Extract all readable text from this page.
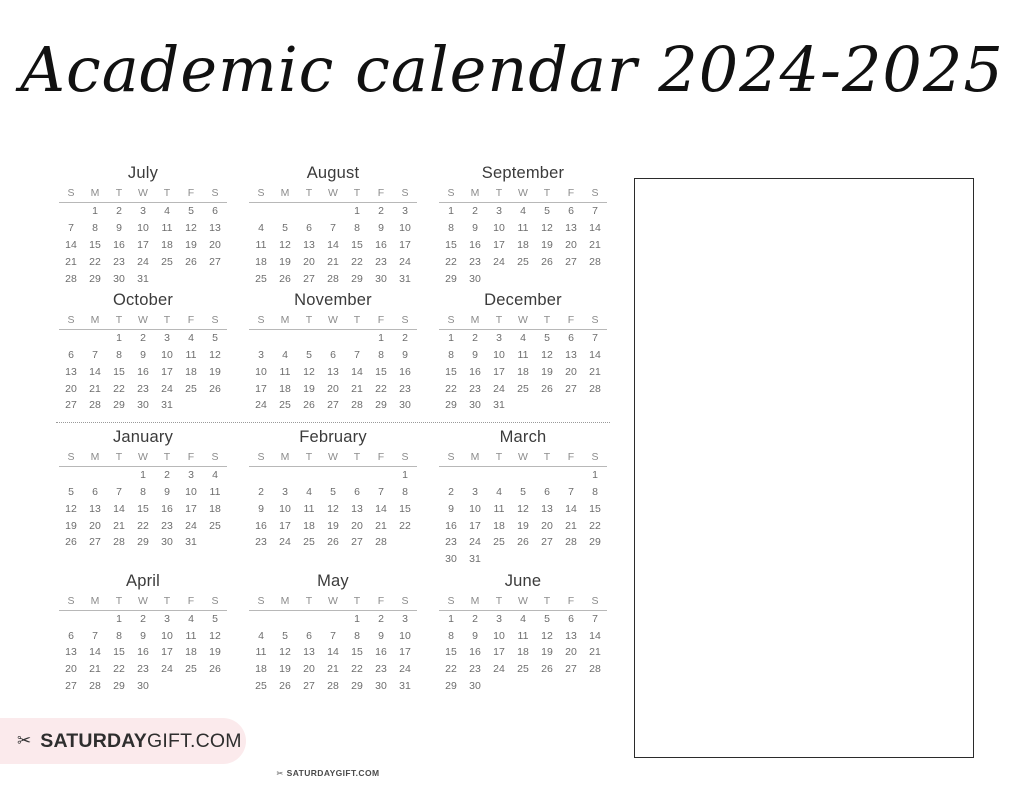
Academic calendar 2024-2025
July
S	M	T	W	T	F	S
	1	2	3	4	5	6
7	8	9	10	11	12	13
14	15	16	17	18	19	20
21	22	23	24	25	26	27
28	29	30	31			
August
S	M	T	W	T	F	S
				1	2	3
4	5	6	7	8	9	10
11	12	13	14	15	16	17
18	19	20	21	22	23	24
25	26	27	28	29	30	31
September
S	M	T	W	T	F	S
1	2	3	4	5	6	7
8	9	10	11	12	13	14
15	16	17	18	19	20	21
22	23	24	25	26	27	28
29	30					
October
S	M	T	W	T	F	S
		1	2	3	4	5
6	7	8	9	10	11	12
13	14	15	16	17	18	19
20	21	22	23	24	25	26
27	28	29	30	31		
November
S	M	T	W	T	F	S
					1	2
3	4	5	6	7	8	9
10	11	12	13	14	15	16
17	18	19	20	21	22	23
24	25	26	27	28	29	30
December
S	M	T	W	T	F	S
1	2	3	4	5	6	7
8	9	10	11	12	13	14
15	16	17	18	19	20	21
22	23	24	25	26	27	28
29	30	31				
January
S	M	T	W	T	F	S
			1	2	3	4
5	6	7	8	9	10	11
12	13	14	15	16	17	18
19	20	21	22	23	24	25
26	27	28	29	30	31	
February
S	M	T	W	T	F	S
						1
2	3	4	5	6	7	8
9	10	11	12	13	14	15
16	17	18	19	20	21	22
23	24	25	26	27	28	
March
S	M	T	W	T	F	S
						1
2	3	4	5	6	7	8
9	10	11	12	13	14	15
16	17	18	19	20	21	22
23	24	25	26	27	28	29
30	31					
April
S	M	T	W	T	F	S
		1	2	3	4	5
6	7	8	9	10	11	12
13	14	15	16	17	18	19
20	21	22	23	24	25	26
27	28	29	30			
May
S	M	T	W	T	F	S
				1	2	3
4	5	6	7	8	9	10
11	12	13	14	15	16	17
18	19	20	21	22	23	24
25	26	27	28	29	30	31
June
S	M	T	W	T	F	S
1	2	3	4	5	6	7
8	9	10	11	12	13	14
15	16	17	18	19	20	21
22	23	24	25	26	27	28
29	30					
✂ SATURDAYGIFT.COM
✂ SATURDAYGIFT.COM
